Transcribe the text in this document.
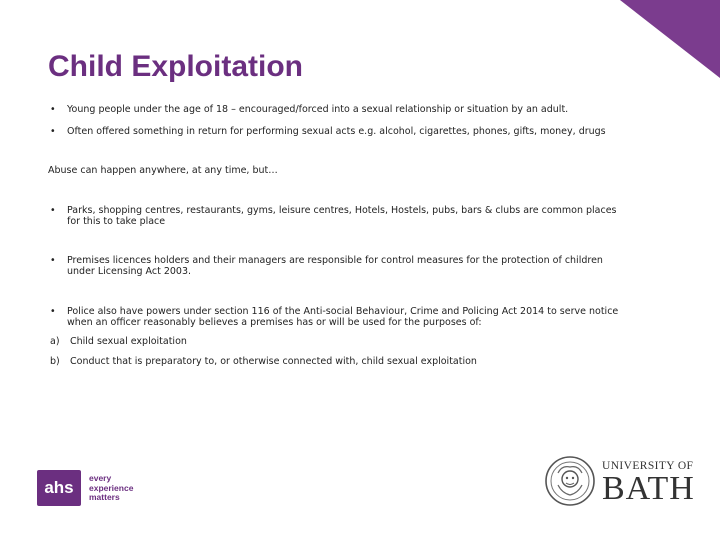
Child Exploitation
•	Young people under the age of 18 – encouraged/forced into a sexual relationship or situation by an adult.
•	Often offered something in return for performing sexual acts e.g. alcohol, cigarettes, phones, gifts, money, drugs
Abuse can happen anywhere, at any time, but…
•	Parks, shopping centres, restaurants, gyms, leisure centres, Hotels, Hostels, pubs, bars & clubs are common places
for this to take place
•	Premises licences holders and their managers are responsible for control measures for the protection of children
under Licensing Act 2003.
•	Police also have powers under section 116 of the Anti-social Behaviour, Crime and Policing Act 2014 to serve notice
when an officer reasonably believes a premises has or will be used for the purposes of:
a) Child sexual exploitation
b) Conduct that is preparatory to, or otherwise connected with, child sexual exploitation
ahs	every
experience
matters
UNIVERSITY OF
BATH
